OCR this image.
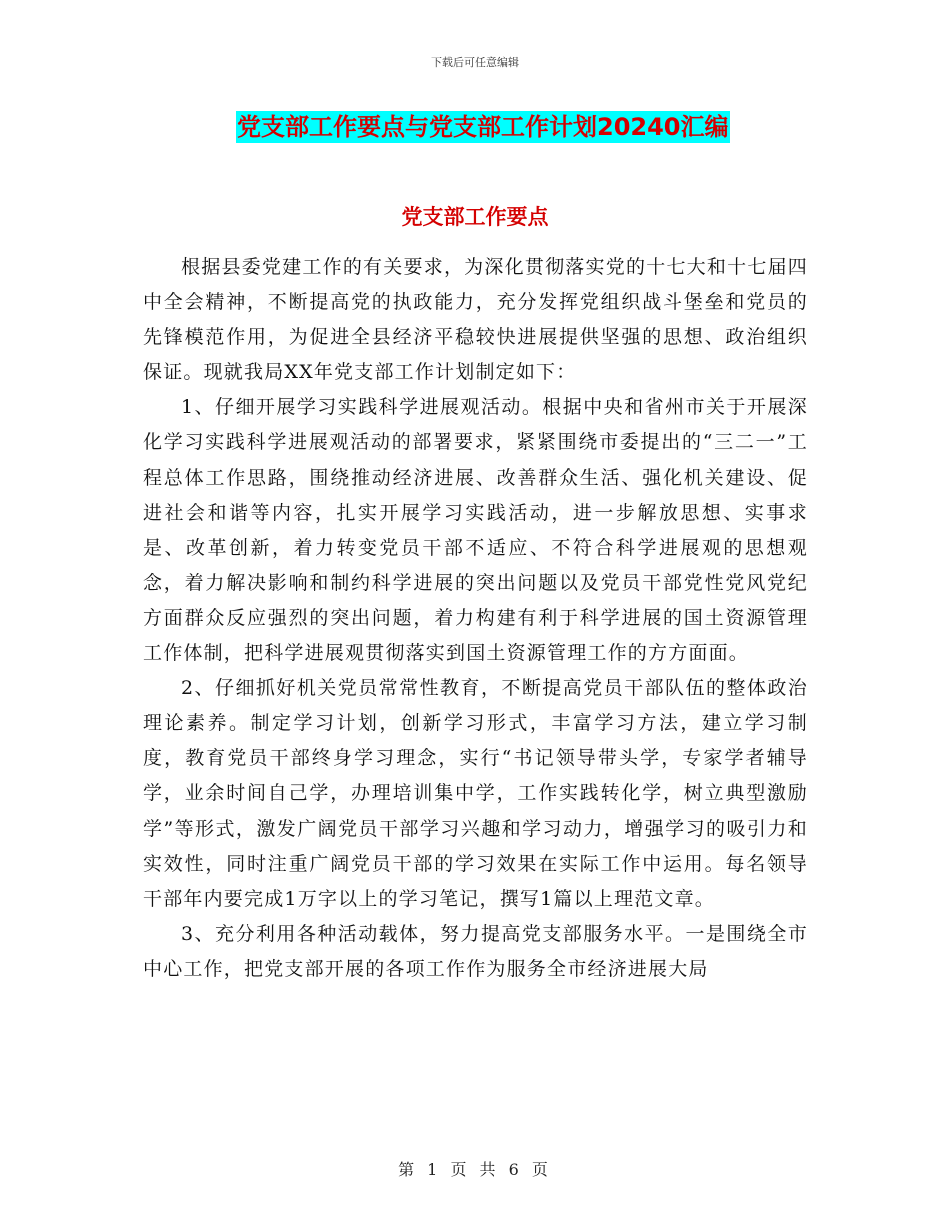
下载后可任意编辑
党支部工作要点与党支部工作计划20240汇编
党支部工作要点

根据县委党建工作的有关要求，为深化贯彻落实党的十七大和十七届四中全会精神，不断提高党的执政能力，充分发挥党组织战斗堡垒和党员的先锋模范作用，为促进全县经济平稳较快进展提供坚强的思想、政治组织保证。现就我局XX年党支部工作计划制定如下：

1、仔细开展学习实践科学进展观活动。根据中央和省州市关于开展深化学习实践科学进展观活动的部署要求，紧紧围绕市委提出的“三二一”工程总体工作思路，围绕推动经济进展、改善群众生活、强化机关建设、促进社会和谐等内容，扎实开展学习实践活动，进一步解放思想、实事求是、改革创新，着力转变党员干部不适应、不符合科学进展观的思想观念，着力解决影响和制约科学进展的突出问题以及党员干部党性党风党纪方面群众反应强烈的突出问题，着力构建有利于科学进展的国土资源管理工作体制，把科学进展观贯彻落实到国土资源管理工作的方方面面。

2、仔细抓好机关党员常常性教育，不断提高党员干部队伍的整体政治理论素养。制定学习计划，创新学习形式，丰富学习方法，建立学习制度，教育党员干部终身学习理念，实行“书记领导带头学，专家学者辅导学，业余时间自己学，办理培训集中学，工作实践转化学，树立典型激励学”等形式，激发广阔党员干部学习兴趣和学习动力，增强学习的吸引力和实效性，同时注重广阔党员干部的学习效果在实际工作中运用。每名领导干部年内要完成1万字以上的学习笔记，撰写1篇以上理范文章。

3、充分利用各种活动载体，努力提高党支部服务水平。一是围绕全市中心工作，把党支部开展的各项工作作为服务全市经济进展大局

第 1 页 共 6 页
